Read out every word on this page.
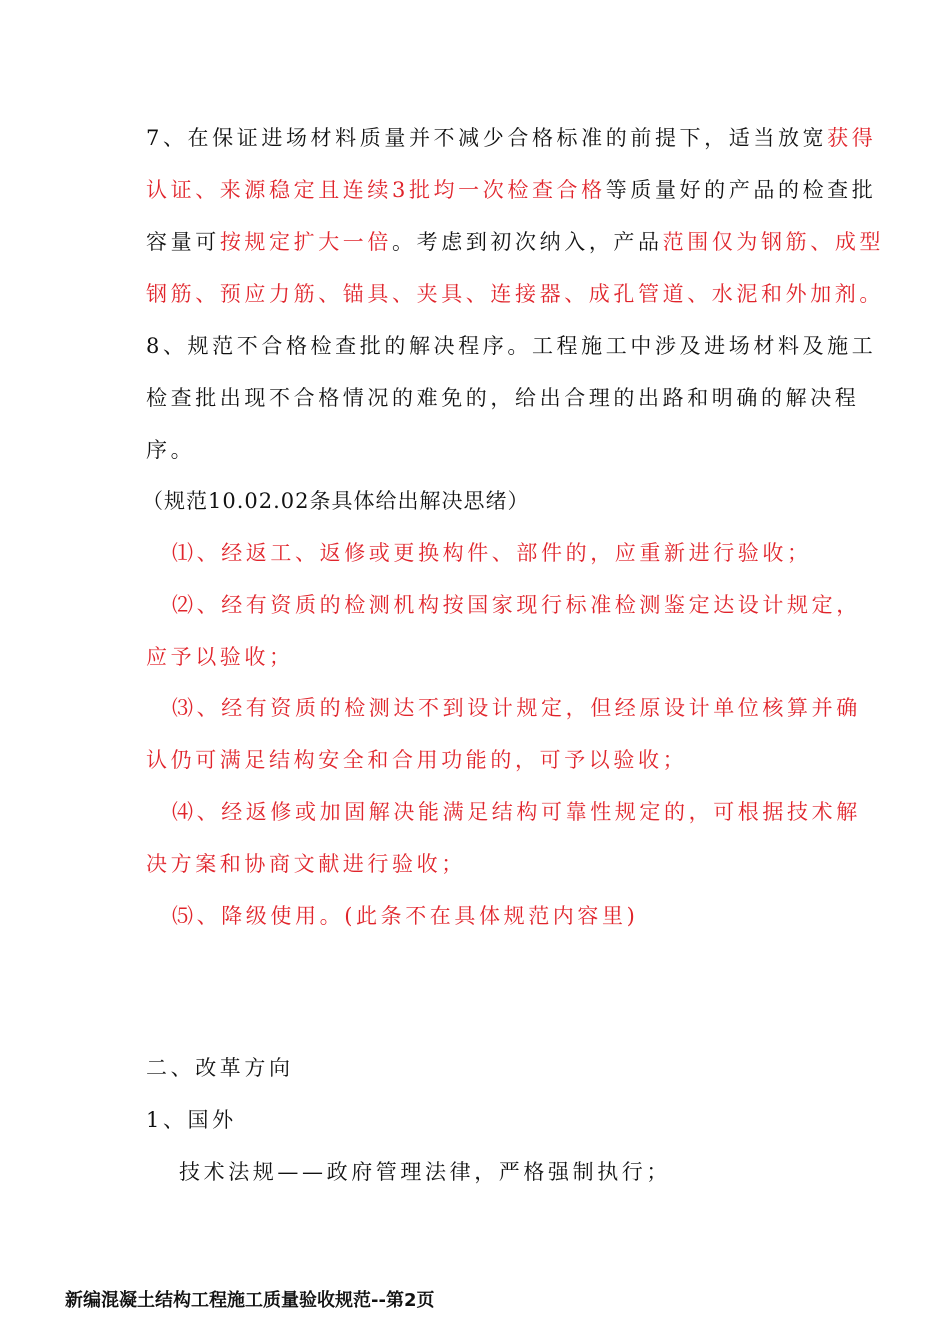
7、在保证进场材料质量并不减少合格标准的前提下，适当放宽获得
认证、来源稳定且连续3批均一次检查合格等质量好的产品的检查批
容量可按规定扩大一倍。考虑到初次纳入，产品范围仅为钢筋、成型
钢筋、预应力筋、锚具、夹具、连接器、成孔管道、水泥和外加剂。
8、规范不合格检查批的解决程序。工程施工中涉及进场材料及施工
检查批出现不合格情况的难免的，给出合理的出路和明确的解决程
序。
（规范10.02.02条具体给出解决思绪）
⑴、经返工、返修或更换构件、部件的，应重新进行验收；
⑵、经有资质的检测机构按国家现行标准检测鉴定达设计规定，
应予以验收；
⑶、经有资质的检测达不到设计规定，但经原设计单位核算并确
认仍可满足结构安全和合用功能的，可予以验收；
⑷、经返修或加固解决能满足结构可靠性规定的，可根据技术解
决方案和协商文献进行验收；
⑸、降级使用。(此条不在具体规范内容里)
二、改革方向
1、国外
技术法规——政府管理法律，严格强制执行；
新编混凝土结构工程施工质量验收规范--第2页
